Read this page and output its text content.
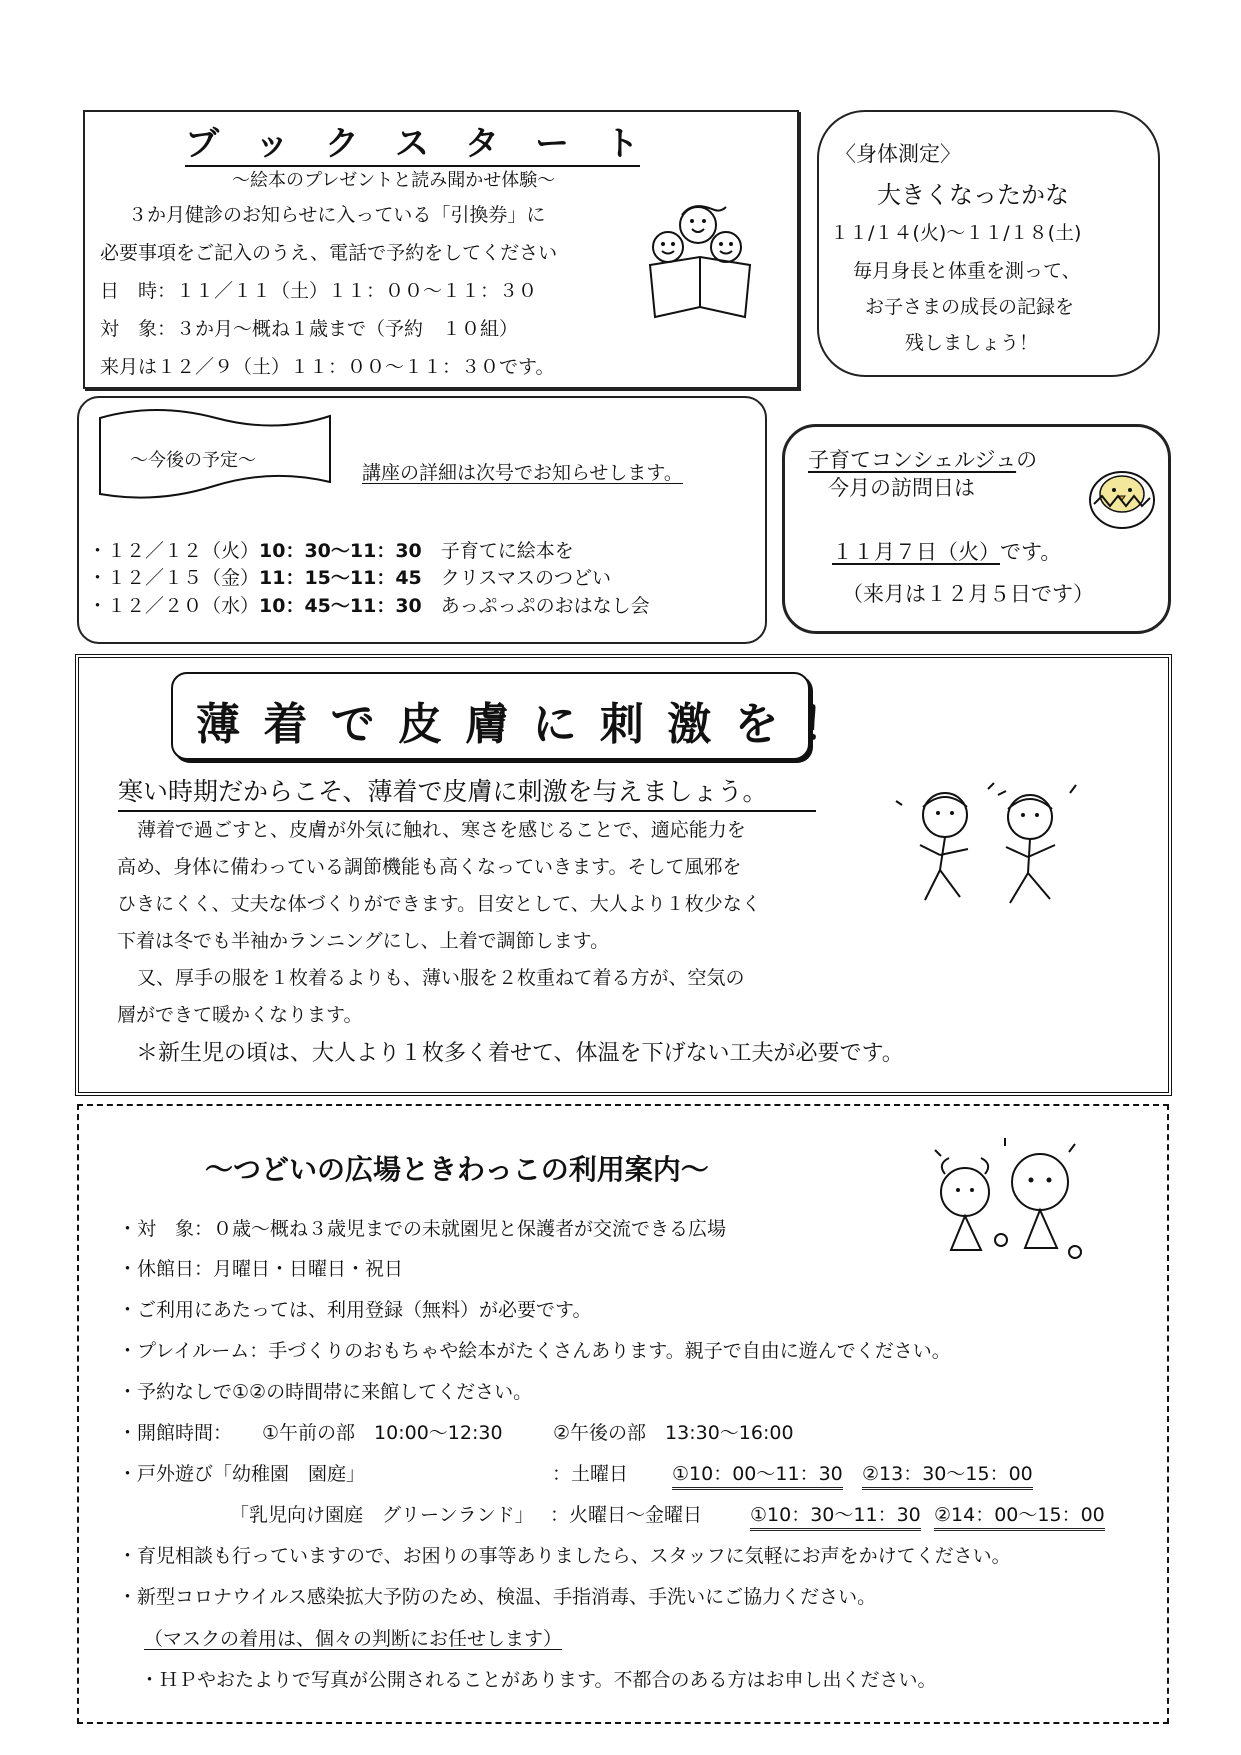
ブ　ッ　ク　ス　タ　ー　ト
～絵本のプレゼントと読み聞かせ体験～
３か月健診のお知らせに入っている「引換券」に
必要事項をご記入のうえ、電話で予約をしてください
日　時：１１／１１（土）１１：００～１１：３０
対　象：３か月～概ね１歳まで（予約　１０組）
来月は１２／９（土）１１：００～１１：３０です。
〈身体測定〉
大きくなったかな
１１/１４(火)～１１/１８(土)
毎月身長と体重を測って、
お子さまの成長の記録を
残しましょう！
～今後の予定～
講座の詳細は次号でお知らせします。
・１２／１２（火）10：30～11：30　 子育てに絵本を
・１２／１５（金）11：15～11：45　 クリスマスのつどい
・１２／２０（水）10：45～11：30　 あっぷっぷのおはなし会
子育てコンシェルジュの
今月の訪問日は
１１月７日（火）です。
（来月は１２月５日です）
薄 着 で 皮 膚 に 刺 激 を ！
寒い時期だからこそ、薄着で皮膚に刺激を与えましょう。
薄着で過ごすと、皮膚が外気に触れ、寒さを感じることで、適応能力を
高め、身体に備わっている調節機能も高くなっていきます。そして風邪を
ひきにくく、丈夫な体づくりができます。目安として、大人より１枚少なく
下着は冬でも半袖かランニングにし、上着で調節します。
又、厚手の服を１枚着るよりも、薄い服を２枚重ねて着る方が、空気の
層ができて暖かくなります。
＊新生児の頃は、大人より１枚多く着せて、体温を下げない工夫が必要です。
～つどいの広場ときわっこの利用案内～
・対　象：０歳～概ね３歳児までの未就園児と保護者が交流できる広場
・休館日：月曜日・日曜日・祝日
・ご利用にあたっては、利用登録（無料）が必要です。
・プレイルーム：手づくりのおもちゃや絵本がたくさんあります。親子で自由に遊んでください。
・予約なしで①②の時間帯に来館してください。
・開館時間： ①午前の部　10:00～12:30	②午後の部　13:30～16:00
・戸外遊び「幼稚園　園庭」	：土曜日 ①10：00～11：30 ②13：30～15：00
「乳児向け園庭　グリーンランド」 ：火曜日～金曜日	①10：30～11：30 ②14：00～15：00
・育児相談も行っていますので、お困りの事等ありましたら、スタッフに気軽にお声をかけてください。
・新型コロナウイルス感染拡大予防のため、検温、手指消毒、手洗いにご協力ください。
（マスクの着用は、個々の判断にお任せします）
・ＨＰやおたよりで写真が公開されることがあります。不都合のある方はお申し出ください。
